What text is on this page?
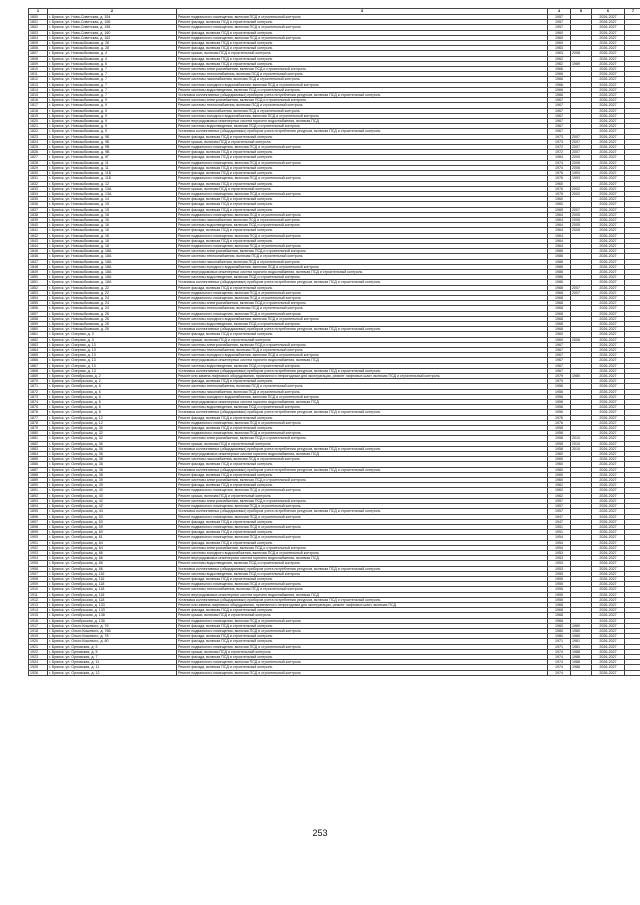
1	2	3	4	5	6	7
1800	г. Брянск, ул. Ново-Советская, д. 154	Ремонт подвального помещения, включая ПСД и строительный контроль	1957		2026-2027	
1801	г. Брянск, ул. Ново-Советская, д. 156	Ремонт фасада, включая ПСД и строительный контроль	1957		2026-2027	
1802	г. Брянск, ул. Ново-Советская, д. 158	Ремонт подвального помещения, включая ПСД и строительный контроль	1957		2026-2027	
1803	г. Брянск, ул. Ново-Советская, д. 160	Ремонт фасада, включая ПСД и строительный контроль	1960		2026-2027	
1804	г. Брянск, ул. Ново-Советская, д. 162	Ремонт подвального помещения, включая ПСД и строительный контроль	1960		2026-2027	
1805	г. Брянск, ул. Новозыбковская, д. 26	Ремонт фасада, включая ПСД и строительный контроль	1960		2026-2027	
1806	г. Брянск, ул. Новозыбковская, д. 28	Ремонт фасада, включая ПСД и строительный контроль	1963		2026-2027	
1807	г. Брянск, ул. Новозыбковская, д. 4	Ремонт крыши, включая ПСД и строительный контроль	1963	2008	2026-2027	
1808	г. Брянск, ул. Новозыбковская, д. 4	Ремонт фасада, включая ПСД и строительный контроль	1962		2026-2027	
1809	г. Брянск, ул. Новозыбковская, д. 6	Ремонт фасада, включая ПСД и строительный контроль	1962	1989	2026-2027	
1810	г. Брянск, ул. Новозыбковская, д. 7	Ремонт системы электроснабжения, включая ПСД и строительный контроль	1966		2026-2027	
1811	г. Брянск, ул. Новозыбковская, д. 7	Ремонт системы теплоснабжения, включая ПСД и строительный контроль	1966		2026-2027	
1812	г. Брянск, ул. Новозыбковская, д. 7	Ремонт системы газоснабжения, включая ПСД и строительный контроль	1966		2026-2027	
1813	г. Брянск, ул. Новозыбковская, д. 7	Ремонт системы холодного водоснабжения, включая ПСД и строительный контроль	1966		2026-2027	
1814	г. Брянск, ул. Новозыбковская, д. 7	Ремонт системы водоотведения, включая ПСД и строительный контроль	1966		2026-2027	
1815	г. Брянск, ул. Новозыбковская, д. 7	Установка коллективных (общедомовых) приборов учета потребления ресурсов, включая ПСД и строительный контроль	1966		2026-2027	
1816	г. Брянск, ул. Новозыбковская, д. 9	Ремонт системы электроснабжения, включая ПСД и строительный контроль	1967		2026-2027	
1817	г. Брянск, ул. Новозыбковская, д. 9	Ремонт системы теплоснабжения, включая ПСД и строительный контроль	1967		2026-2027	
1818	г. Брянск, ул. Новозыбковская, д. 9	Ремонт системы газоснабжения, включая ПСД и строительный контроль	1967		2026-2027	
1819	г. Брянск, ул. Новозыбковская, д. 9	Ремонт системы холодного водоснабжения, включая ПСД и строительный контроль	1967		2026-2027	
1820	г. Брянск, ул. Новозыбковская, д. 9	Ремонт внутридомовых инженерных систем горячего водоснабжения, включая ПСД	1967		2026-2027	
1821	г. Брянск, ул. Новозыбковская, д. 9	Ремонт системы водоотведения, включая ПСД и строительный контроль	1967		2026-2027	
1822	г. Брянск, ул. Новозыбковская, д. 9	Установка коллективных (общедомовых) приборов учета потребления ресурсов, включая ПСД и строительный контроль	1967		2026-2027	
1823	г. Брянск, ул. Новозыбковская, д. 9Б	Ремонт фасада, включая ПСД и строительный контроль	1973	2007	2026-2027	
1824	г. Брянск, ул. Новозыбковская, д. 9Б	Ремонт крыши, включая ПСД и строительный контроль	1973	2007	2026-2027	
1825	г. Брянск, ул. Новозыбковская, д. 9В	Ремонт подвального помещения, включая ПСД и строительный контроль	1972	2007	2026-2027	
1826	г. Брянск, ул. Новозыбковская, д. 9В	Ремонт фасада, включая ПСД и строительный контроль	1972	2007	2026-2027	
1827	г. Брянск, ул. Новозыбковская, д. 9Г	Ремонт фасада, включая ПСД и строительный контроль	1984	2005	2026-2027	
1828	г. Брянск, ул. Новозыбковская, д. 11	Ремонт подвального помещения, включая ПСД и строительный контроль	1974	2006	2026-2027	
1829	г. Брянск, ул. Новозыбковская, д. 11	Ремонт фасада, включая ПСД и строительный контроль	1974	2006	2026-2027	
1830	г. Брянск, ул. Новозыбковская, д. 11Б	Ремонт фасада, включая ПСД и строительный контроль	1976	1993	2026-2027	
1831	г. Брянск, ул. Новозыбковская, д. 11Б	Ремонт подвального помещения, включая ПСД и строительный контроль	1976	1993	2026-2027	
1832	г. Брянск, ул. Новозыбковская, д. 12	Ремонт фасада, включая ПСД и строительный контроль	1960		2026-2027	
1833	г. Брянск, ул. Новозыбковская, д. 13А	Ремонт крыши, включая ПСД и строительный контроль	1976	2002	2026-2027	
1834	г. Брянск, ул. Новозыбковская, д. 13А	Ремонт подвального помещения, включая ПСД и строительный контроль	1976	2002	2026-2027	
1835	г. Брянск, ул. Новозыбковская, д. 14	Ремонт фасада, включая ПСД и строительный контроль	1960		2026-2027	
1836	г. Брянск, ул. Новозыбковская, д. 15	Ремонт фасада, включая ПСД и строительный контроль	1960		2026-2027	
1837	г. Брянск, ул. Новозыбковская, д. 15	Ремонт фасада, включая ПСД и строительный контроль	1965	2007	2026-2027	
1838	г. Брянск, ул. Новозыбковская, д. 16	Ремонт подвального помещения, включая ПСД и строительный контроль	1964	2005	2026-2027	
1839	г. Брянск, ул. Новозыбковская, д. 16	Ремонт системы газоснабжения, включая ПСД и строительный контроль	1964	2005	2026-2027	
1840	г. Брянск, ул. Новозыбковская, д. 16	Ремонт системы водоотведения, включая ПСД и строительный контроль	1964	2005	2026-2027	
1841	г. Брянск, ул. Новозыбковская, д. 16	Ремонт фасада, включая ПСД и строительный контроль	1964	2005	2026-2027	
1842	г. Брянск, ул. Новозыбковская, д. 16	Ремонт подвального помещения, включая ПСД и строительный контроль	1964		2026-2027	
1843	г. Брянск, ул. Новозыбковская, д. 18	Ремонт фасада, включая ПСД и строительный контроль	1964		2026-2027	
1844	г. Брянск, ул. Новозыбковская, д. 18	Ремонт подвального помещения, включая ПСД и строительный контроль	1964		2026-2027	
1845	г. Брянск, ул. Новозыбковская, д. 18А	Ремонт системы электроснабжения, включая ПСД и строительный контроль	1986		2026-2027	
1846	г. Брянск, ул. Новозыбковская, д. 18А	Ремонт системы теплоснабжения, включая ПСД и строительный контроль	1986		2026-2027	
1847	г. Брянск, ул. Новозыбковская, д. 18А	Ремонт системы газоснабжения, включая ПСД и строительный контроль	1986		2026-2027	
1848	г. Брянск, ул. Новозыбковская, д. 18А	Ремонт системы холодного водоснабжения, включая ПСД и строительный контроль	1986		2026-2027	
1849	г. Брянск, ул. Новозыбковская, д. 18А	Ремонт внутридомовых инженерных систем горячего водоснабжения, включая ПСД и строительный контроль	1986		2026-2027	
1850	г. Брянск, ул. Новозыбковская, д. 18А	Ремонт системы водоотведения, включая ПСД и строительный контроль	1986		2026-2027	
1851	г. Брянск, ул. Новозыбковская, д. 18А	Установка коллективных (общедомовых) приборов учета потребления ресурсов, включая ПСД и строительный контроль	1986		2026-2027	
1852	г. Брянск, ул. Новозыбковская, д. 22	Ремонт фасада, включая ПСД и строительный контроль	1968	2007	2026-2027	
1853	г. Брянск, ул. Новозыбковская, д. 22	Ремонт подвального помещения, включая ПСД и строительный контроль	1968	2007	2026-2027	
1854	г. Брянск, ул. Новозыбковская, д. 24	Ремонт подвального помещения, включая ПСД и строительный контроль	1968		2026-2027	
1855	г. Брянск, ул. Новозыбковская, д. 24	Ремонт системы электроснабжения, включая ПСД и строительный контроль	1968		2026-2027	
1856	г. Брянск, ул. Новозыбковская, д. 24	Ремонт системы теплоснабжения, включая ПСД и строительный контроль	1968		2026-2027	
1857	г. Брянск, ул. Новозыбковская, д. 26	Ремонт подвального помещения, включая ПСД и строительный контроль	1968		2026-2027	
1858	г. Брянск, ул. Новозыбковская, д. 26	Ремонт системы холодного водоснабжения, включая ПСД и строительный контроль	1968		2026-2027	
1859	г. Брянск, ул. Новозыбковская, д. 26	Ремонт системы водоотведения, включая ПСД и строительный контроль	1968		2026-2027	
1860	г. Брянск, ул. Новозыбковская, д. 26	Установка коллективных (общедомовых) приборов учета потребления ресурсов, включая ПСД и строительный контроль	1968		2026-2027	
1861	г. Брянск, ул. Озерная, д. 3	Ремонт фасада, включая ПСД и строительный контроль	1960		2026-2027	
1862	г. Брянск, ул. Озерная, д. 3	Ремонт крыши, включая ПСД и строительный контроль	1960	2006	2026-2027	
1863	г. Брянск, ул. Озерная, д. 13	Ремонт системы электроснабжения, включая ПСД и строительный контроль	1967		2026-2027	
1864	г. Брянск, ул. Озерная, д. 13	Ремонт системы теплоснабжения, включая ПСД и строительный контроль	1967		2026-2027	
1865	г. Брянск, ул. Озерная, д. 13	Ремонт системы холодного водоснабжения, включая ПСД и строительный контроль	1967		2026-2027	
1866	г. Брянск, ул. Озерная, д. 13	Ремонт внутридомовых инженерных систем горячего водоснабжения, включая ПСД	1967		2026-2027	
1867	г. Брянск, ул. Озерная, д. 13	Ремонт системы водоотведения, включая ПСД и строительный контроль	1967		2026-2027	
1868	г. Брянск, ул. Озерная, д. 13	Установка коллективных (общедомовых) приборов учета потребления ресурсов, включая ПСД и строительный контроль	1967		2026-2027	
1869	г. Брянск, ул. Октябрьская, д. 2	Ремонт или замена лифтового оборудования, признанного непригодным для эксплуатации, ремонт лифтовых шахт, включая ПСД и строительный контроль	1979	1980	2026-2027	
1870	г. Брянск, ул. Октябрьская, д. 2	Ремонт фасада, включая ПСД и строительный контроль	1979		2026-2027	
1871	г. Брянск, ул. Октябрьская, д. 6	Ремонт системы теплоснабжения, включая ПСД и строительный контроль	1956		2026-2027	
1872	г. Брянск, ул. Октябрьская, д. 6	Ремонт системы газоснабжения, включая ПСД и строительный контроль	1956		2026-2027	
1873	г. Брянск, ул. Октябрьская, д. 6	Ремонт системы холодного водоснабжения, включая ПСД и строительный контроль	1956		2026-2027	
1874	г. Брянск, ул. Октябрьская, д. 6	Ремонт внутридомовых инженерных систем горячего водоснабжения, включая ПСД	1956		2026-2027	
1875	г. Брянск, ул. Октябрьская, д. 6	Ремонт системы водоотведения, включая ПСД и строительный контроль	1956		2026-2027	
1876	г. Брянск, ул. Октябрьская, д. 6	Установка коллективных (общедомовых) приборов учета потребления ресурсов, включая ПСД и строительный контроль	1956		2026-2027	
1877	г. Брянск, ул. Октябрьская, д. 12	Ремонт фасада, включая ПСД и строительный контроль	1976		2026-2027	
1878	г. Брянск, ул. Октябрьская, д. 12	Ремонт подвального помещения, включая ПСД и строительный контроль	1976		2026-2027	
1879	г. Брянск, ул. Октябрьская, д. 30	Ремонт фасада, включая ПСД и строительный контроль	1958		2026-2027	
1880	г. Брянск, ул. Октябрьская, д. 32	Ремонт подвального помещения, включая ПСД и строительный контроль	1958		2026-2027	
1881	г. Брянск, ул. Октябрьская, д. 32	Ремонт системы электроснабжения, включая ПСД и строительный контроль	1958	2010	2026-2027	
1882	г. Брянск, ул. Октябрьская, д. 36	Ремонт крыши, включая ПСД и строительный контроль	1958	2010	2026-2027	
1883	г. Брянск, ул. Октябрьская, д. 36	Установка коллективных (общедомовых) приборов учета потребления ресурсов, включая ПСД и строительный контроль	1958	2010	2026-2027	
1884	г. Брянск, ул. Октябрьская, д. 36	Ремонт внутридомовых инженерных систем горячего водоснабжения, включая ПСД	1960		2026-2027	
1885	г. Брянск, ул. Октябрьская, д. 38	Ремонт системы газоснабжения, включая ПСД и строительный контроль	1960		2026-2027	
1886	г. Брянск, ул. Октябрьская, д. 38	Ремонт фасада, включая ПСД и строительный контроль	1960		2026-2027	
1887	г. Брянск, ул. Октябрьская, д. 38	Установка коллективных (общедомовых) приборов учета потребления ресурсов, включая ПСД и строительный контроль	1960		2026-2027	
1888	г. Брянск, ул. Октябрьская, д. 38	Ремонт фасада, включая ПСД и строительный контроль	1960		2026-2027	
1889	г. Брянск, ул. Октябрьская, д. 39	Ремонт системы электроснабжения, включая ПСД и строительный контроль	1960		2026-2027	
1890	г. Брянск, ул. Октябрьская, д. 39	Ремонт фасада, включая ПСД и строительный контроль	1962		2026-2027	
1891	г. Брянск, ул. Октябрьская, д. 40	Ремонт подвального помещения, включая ПСД и строительный контроль	1962		2026-2027	
1892	г. Брянск, ул. Октябрьская, д. 40	Ремонт крыши, включая ПСД и строительный контроль	1962		2026-2027	
1893	г. Брянск, ул. Октябрьская, д. 42	Ремонт системы электроснабжения, включая ПСД и строительный контроль	1957		2026-2027	
1894	г. Брянск, ул. Октябрьская, д. 42	Ремонт подвального помещения, включая ПСД и строительный контроль	1957		2026-2027	
1895	г. Брянск, ул. Октябрьская, д. 44	Установка коллективных (общедомовых) приборов учета потребления ресурсов, включая ПСД и строительный контроль	1957		2026-2027	
1896	г. Брянск, ул. Октябрьская, д. 53	Ремонт подвального помещения, включая ПСД и строительный контроль	1947		2026-2027	
1897	г. Брянск, ул. Октябрьская, д. 53	Ремонт фасада, включая ПСД и строительный контроль	1947		2026-2027	
1898	г. Брянск, ул. Октябрьская, д. 59	Ремонт подвального помещения, включая ПСД и строительный контроль	1951		2026-2027	
1899	г. Брянск, ул. Октябрьская, д. 60	Ремонт фасада, включая ПСД и строительный контроль	1951		2026-2027	
1900	г. Брянск, ул. Октябрьская, д. 61	Ремонт подвального помещения, включая ПСД и строительный контроль	1954		2026-2027	
1901	г. Брянск, ул. Октябрьская, д. 64	Ремонт фасада, включая ПСД и строительный контроль	1954		2026-2027	
1902	г. Брянск, ул. Октябрьская, д. 64	Ремонт системы электроснабжения, включая ПСД и строительный контроль	1954		2026-2027	
1903	г. Брянск, ул. Октябрьская, д. 66	Ремонт системы холодного водоснабжения, включая ПСД и строительный контроль	1953		2026-2027	
1904	г. Брянск, ул. Октябрьская, д. 66	Ремонт внутридомовых инженерных систем горячего водоснабжения, включая ПСД	1953		2026-2027	
1905	г. Брянск, ул. Октябрьская, д. 66	Ремонт системы водоотведения, включая ПСД и строительный контроль	1953		2026-2027	
1906	г. Брянск, ул. Октябрьская, д. 66	Установка коллективных (общедомовых) приборов учета потребления ресурсов, включая ПСД и строительный контроль	1953		2026-2027	
1907	г. Брянск, ул. Октябрьская, д. 116	Ремонт системы водоотведения, включая ПСД и строительный контроль	1955		2026-2027	
1908	г. Брянск, ул. Октябрьская, д. 116	Ремонт фасада, включая ПСД и строительный контроль	1955		2026-2027	
1909	г. Брянск, ул. Октябрьская, д. 118	Ремонт подвального помещения, включая ПСД и строительный контроль	1955		2026-2027	
1910	г. Брянск, ул. Октябрьская, д. 118	Ремонт системы теплоснабжения, включая ПСД и строительный контроль	1955		2026-2027	
1911	г. Брянск, ул. Октябрьская, д. 118	Ремонт внутридомовых инженерных систем горячего водоснабжения, включая ПСД	1955		2026-2027	
1912	г. Брянск, ул. Октябрьская, д. 118	Установка коллективных (общедомовых) приборов учета потребления ресурсов, включая ПСД и строительный контроль	1955		2026-2027	
1913	г. Брянск, ул. Октябрьская, д. 133	Ремонт или замена лифтового оборудования, признанного непригодным для эксплуатации, ремонт лифтовых шахт, включая ПСД	1968		2026-2027	
1914	г. Брянск, ул. Октябрьская, д. 133	Ремонт фасада, включая ПСД и строительный контроль	1968		2026-2027	
1915	г. Брянск, ул. Октябрьская, д. 138	Ремонт крыши, включая ПСД и строительный контроль	1968		2026-2027	
1916	г. Брянск, ул. Октябрьская, д. 138	Ремонт подвального помещения, включая ПСД и строительный контроль	1968		2026-2027	
1917	г. Брянск, ул. Ольги Кошевого, д. 76	Ремонт фасада, включая ПСД и строительный контроль	1960	1980	2026-2027	
1918	г. Брянск, ул. Ольги Кошевого, д. 76Б	Ремонт подвального помещения, включая ПСД и строительный контроль	1980	1980	2026-2027	
1919	г. Брянск, ул. Ольги Кошевого, д. 78	Ремонт фасада, включая ПСД и строительный контроль	1980	1980	2026-2027	
1920	г. Брянск, ул. Ольги Кошевого, д. 80	Ремонт фасада, включая ПСД и строительный контроль	1971	1981	2026-2027	
1921	г. Брянск, ул. Орловская, д. 5	Ремонт подвального помещения, включая ПСД и строительный контроль	1971	1981	2026-2027	
1922	г. Брянск, ул. Орловская, д. 5	Ремонт крыши, включая ПСД и строительный контроль	1974	1988	2026-2027	
1923	г. Брянск, ул. Орловская, д. 7	Ремонт фасада, включая ПСД и строительный контроль	1974	1988	2026-2027	
1924	г. Брянск, ул. Орловская, д. 11	Ремонт подвального помещения, включая ПСД и строительный контроль	1974	1988	2026-2027	
1925	г. Брянск, ул. Орловская, д. 11	Ремонт фасада, включая ПСД и строительный контроль	1974	1988	2026-2027	
1926	г. Брянск, ул. Орловская, д. 12	Ремонт подвального помещения, включая ПСД и строительный контроль	1974		2026-2027	
253
